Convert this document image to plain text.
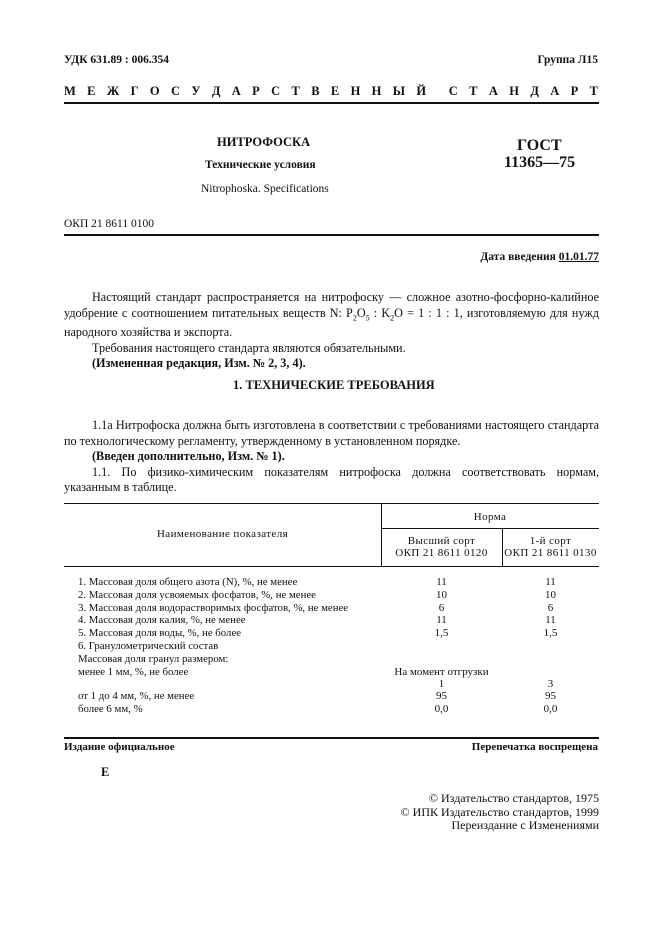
УДК 631.89 : 006.354	Группа Л15
М Е Ж Г О С У Д А Р С Т В Е Н Н Ы Й С Т А Н Д А Р Т
НИТРОФОСКА
Технические условия
Nitrophoska. Specifications
ГОСТ
11365—75
ОКП 21 8611 0100
Дата введения 01.01.77

Настоящий стандарт распространяется на нитрофоску — сложное азотно-фосфорно-калийное удобрение с соотношением питательных веществ N: $P_2O_5$ : $K_2O = 1$ : 1 : 1, изготовляемую для нужд народного хозяйства и экспорта.

Требования настоящего стандарта являются обязательными.

(Измененная редакция, Изм. № 2, 3, 4).

1. ТЕХНИЧЕСКИЕ ТРЕБОВАНИЯ

1.1а Нитрофоска должна быть изготовлена в соответствии с требованиями настоящего стандарта по технологическому регламенту, утвержденному в установленном порядке.

(Введен дополнительно, Изм. № 1).

1.1. По физико-химическим показателям нитрофоска должна соответствовать нормам, указанным в таблице.

Наименование показателя
Норма
Высший сорт
ОКП 21 8611 0120
1-й сорт
ОКП 21 8611 0130
1. Массовая доля общего азота (N), %, не менее	11	11
2. Массовая доля усвояемых фосфатов, %, не менее	10	10
3. Массовая доля водорастворимых фосфатов, %, не менее	6	6
4. Массовая доля калия, %, не менее	11	11
5. Массовая доля воды, %, не более	1,5	1,5
6. Гранулометрический состав
Массовая доля гранул размером:
менее 1 мм, %, не более	На момент отгрузки
1	3
от 1 до 4 мм, %, не менее	95	95
более 6 мм, %	0,0	0,0
Издание официальное	Перепечатка воспрещена
Е
© Издательство стандартов, 1975
© ИПК Издательство стандартов, 1999
Переиздание с Изменениями
